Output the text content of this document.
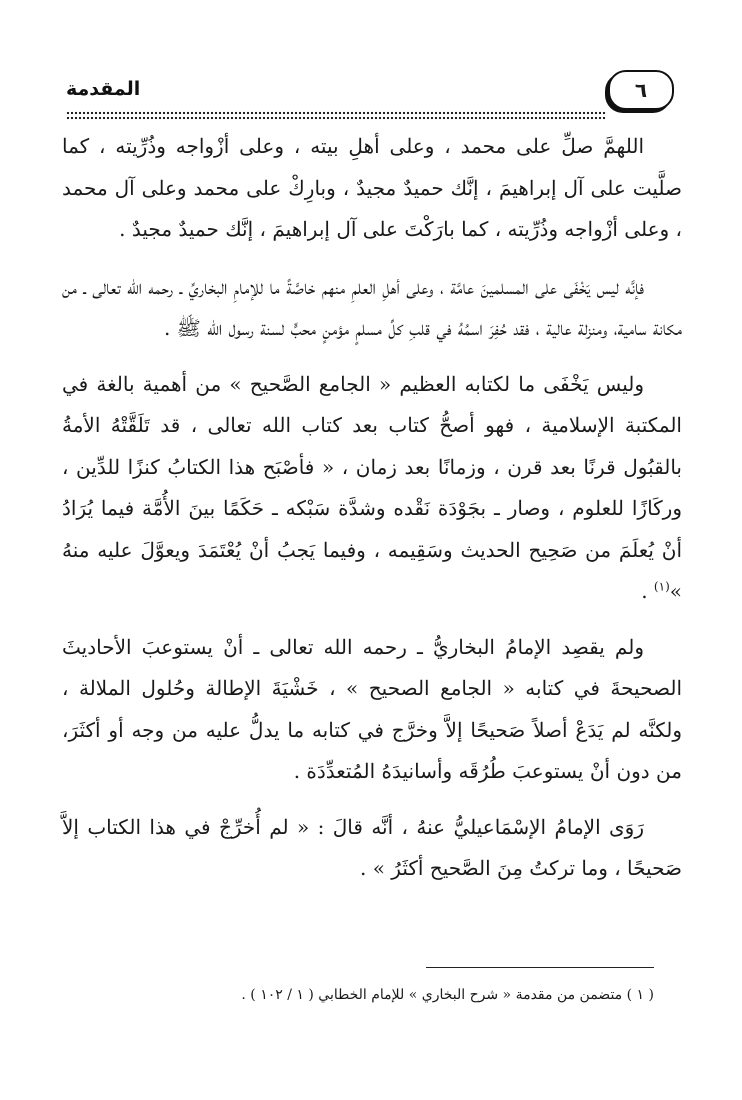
٦
المقدمة

اللهمَّ صلِّ على محمد ، وعلى أهلِ بيته ، وعلى أزْواجه وذُرِّيته ، كما صلَّيت على آل إبراهيمَ ، إنَّك حميدٌ مجيدٌ ، وبارِكْ على محمد وعلى آل محمد ، وعلى أزْواجه وذُرِّيته ، كما بارَكْتَ على آل إبراهيمَ ، إنَّك حميدٌ مجيدٌ .

فإنَّه ليس يَخْفَى على المسلمينَ عامَّة ، وعلى أهلِ العلمِ منهم خاصَّةً ما للإمامِ البخاريِّ ـ رحمه الله تعالى ـ من مكانة سامية، ومنزلة عالية ، فقد حُفِرَ اسمُهُ في قلبِ كلِّ مسلمٍ مؤمنٍ محبٍّ لسنة رسول الله ﷺ .

وليس يَخْفَى ما لكتابه العظيم « الجامع الصَّحيح » من أهمية بالغة في المكتبة الإسلامية ، فهو أصحُّ كتاب بعد كتاب الله تعالى ، قد تَلَقَّتْهُ الأمةُ بالقبُول قرنًا بعد قرن ، وزمانًا بعد زمان ، « فأصْبَح هذا الكتابُ كنزًا للدِّين ، وركَازًا للعلوم ، وصار ـ بجَوْدَة نَقْده وشدَّة سَبْكه ـ حَكَمًا بينَ الأُمَّة فيما يُرَادُ أنْ يُعلَمَ من صَحِيح الحديث وسَقِيمه ، وفيما يَجبُ أنْ يُعْتَمَدَ ويعوَّلَ عليه منهُ »$^{(١)}$ .

ولم يقصِد الإمامُ البخاريُّ ـ رحمه الله تعالى ـ أنْ يستوعبَ الأحاديثَ الصحيحةَ في كتابه « الجامع الصحيح » ، خَشْيَةَ الإطالة وحُلول الملالة ، ولكنَّه لم يَدَعْ أصلاً صَحيحًا إلاَّ وخرَّج في كتابه ما يدلُّ عليه من وجه أو أكثَرَ، من دون أنْ يستوعبَ طُرُقَه وأسانيدَهُ المُتعدِّدَة .

رَوَى الإمامُ الإسْمَاعيليُّ عنهُ ، أنَّه قالَ : « لم أُخرِّجْ في هذا الكتاب إلاَّ صَحيحًا ، وما تركتُ مِنَ الصَّحيح أكثَرُ » .

( ١ ) متضمن من مقدمة « شرح البخاري » للإمام الخطابي ( ١ / ١٠٢ ) .
